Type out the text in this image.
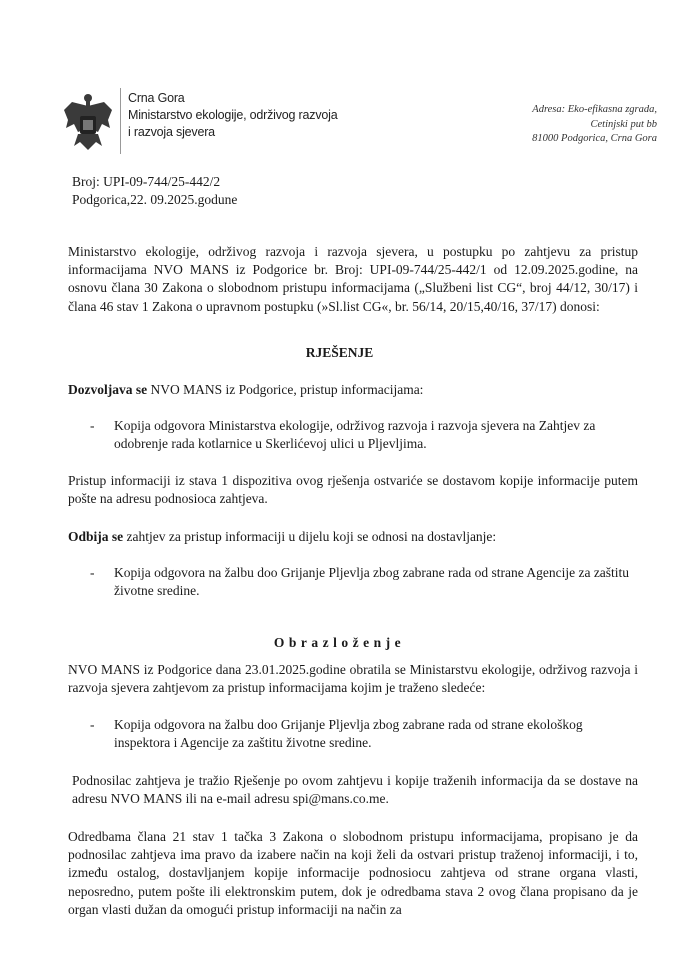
Crna Gora
Ministarstvo ekologije, održivog razvoja
i razvoja sjevera
Adresa: Eko-efikasna zgrada,
Cetinjski put bb
81000 Podgorica, Crna Gora
Broj: UPI-09-744/25-442/2
Podgorica,22. 09.2025.godune

Ministarstvo ekologije, održivog razvoja i razvoja sjevera, u postupku po zahtjevu za pristup informacijama NVO MANS iz Podgorice br. Broj: UPI-09-744/25-442/1 od 12.09.2025.godine, na osnovu člana 30 Zakona o slobodnom pristupu informacijama („Službeni list CG“, broj 44/12, 30/17) i člana 46 stav 1 Zakona o upravnom postupku (»Sl.list CG«, br. 56/14, 20/15,40/16, 37/17) donosi:

RJEŠENJE

Dozvoljava se NVO MANS iz Podgorice, pristup informacijama:

- Kopija odgovora Ministarstva ekologije, održivog razvoja i razvoja sjevera na Zahtjev za odobrenje rada kotlarnice u Skerlićevoj ulici u Pljevljima.

Pristup informaciji iz stava 1 dispozitiva ovog rješenja ostvariće se dostavom kopije informacije putem pošte na adresu podnosioca zahtjeva.

Odbija se zahtjev za pristup informaciji u dijelu koji se odnosi na dostavljanje:

- Kopija odgovora na žalbu doo Grijanje Pljevlja zbog zabrane rada od strane Agencije za zaštitu životne sredine.
Obrazloženje

NVO MANS iz Podgorice dana 23.01.2025.godine obratila se Ministarstvu ekologije, održivog razvoja i razvoja sjevera zahtjevom za pristup informacijama kojim je traženo sledeće:

- Kopija odgovora na žalbu doo Grijanje Pljevlja zbog zabrane rada od strane ekološkog inspektora i Agencije za zaštitu životne sredine.

Podnosilac zahtjeva je tražio Rješenje po ovom zahtjevu i kopije traženih informacija da se dostave na adresu NVO MANS ili na e-mail adresu spi@mans.co.me.

Odredbama člana 21 stav 1 tačka 3 Zakona o slobodnom pristupu informacijama, propisano je da podnosilac zahtjeva ima pravo da izabere način na koji želi da ostvari pristup traženoj informaciji, i to, između ostalog, dostavljanjem kopije informacije podnosiocu zahtjeva od strane organa vlasti, neposredno, putem pošte ili elektronskim putem, dok je odredbama stava 2 ovog člana propisano da je organ vlasti dužan da omogući pristup informaciji na način za
